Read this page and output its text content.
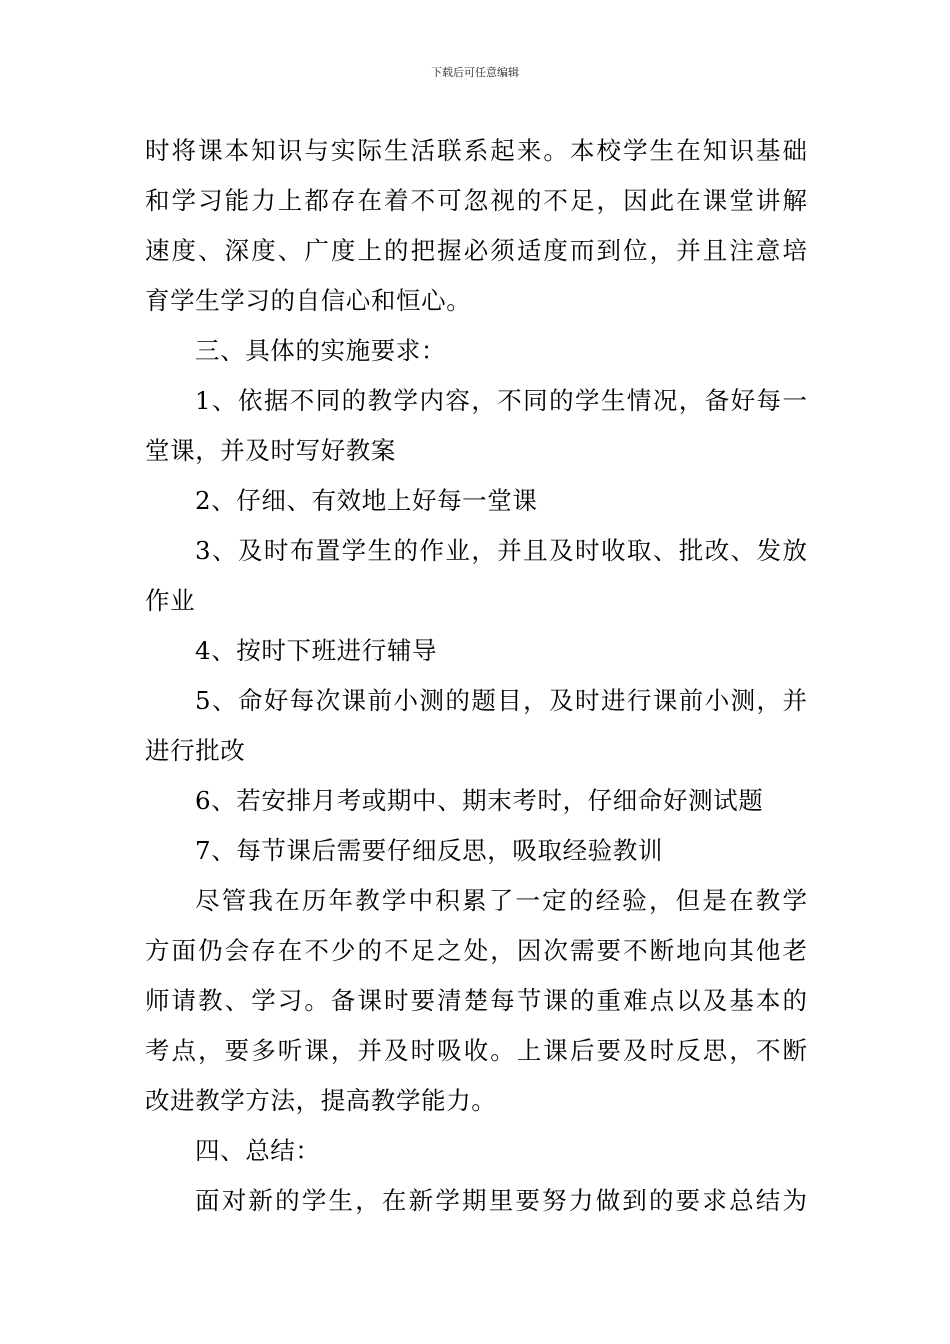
下载后可任意编辑
时将课本知识与实际生活联系起来。本校学生在知识基础
和学习能力上都存在着不可忽视的不足，因此在课堂讲解
速度、深度、广度上的把握必须适度而到位，并且注意培
育学生学习的自信心和恒心。
三、具体的实施要求：
1、依据不同的教学内容，不同的学生情况，备好每一
堂课，并及时写好教案
2、仔细、有效地上好每一堂课
3、及时布置学生的作业，并且及时收取、批改、发放
作业
4、按时下班进行辅导
5、命好每次课前小测的题目，及时进行课前小测，并
进行批改
6、若安排月考或期中、期末考时，仔细命好测试题
7、每节课后需要仔细反思，吸取经验教训
尽管我在历年教学中积累了一定的经验，但是在教学
方面仍会存在不少的不足之处，因次需要不断地向其他老
师请教、学习。备课时要清楚每节课的重难点以及基本的
考点，要多听课，并及时吸收。上课后要及时反思，不断
改进教学方法，提高教学能力。
四、总结：
面对新的学生，在新学期里要努力做到的要求总结为
